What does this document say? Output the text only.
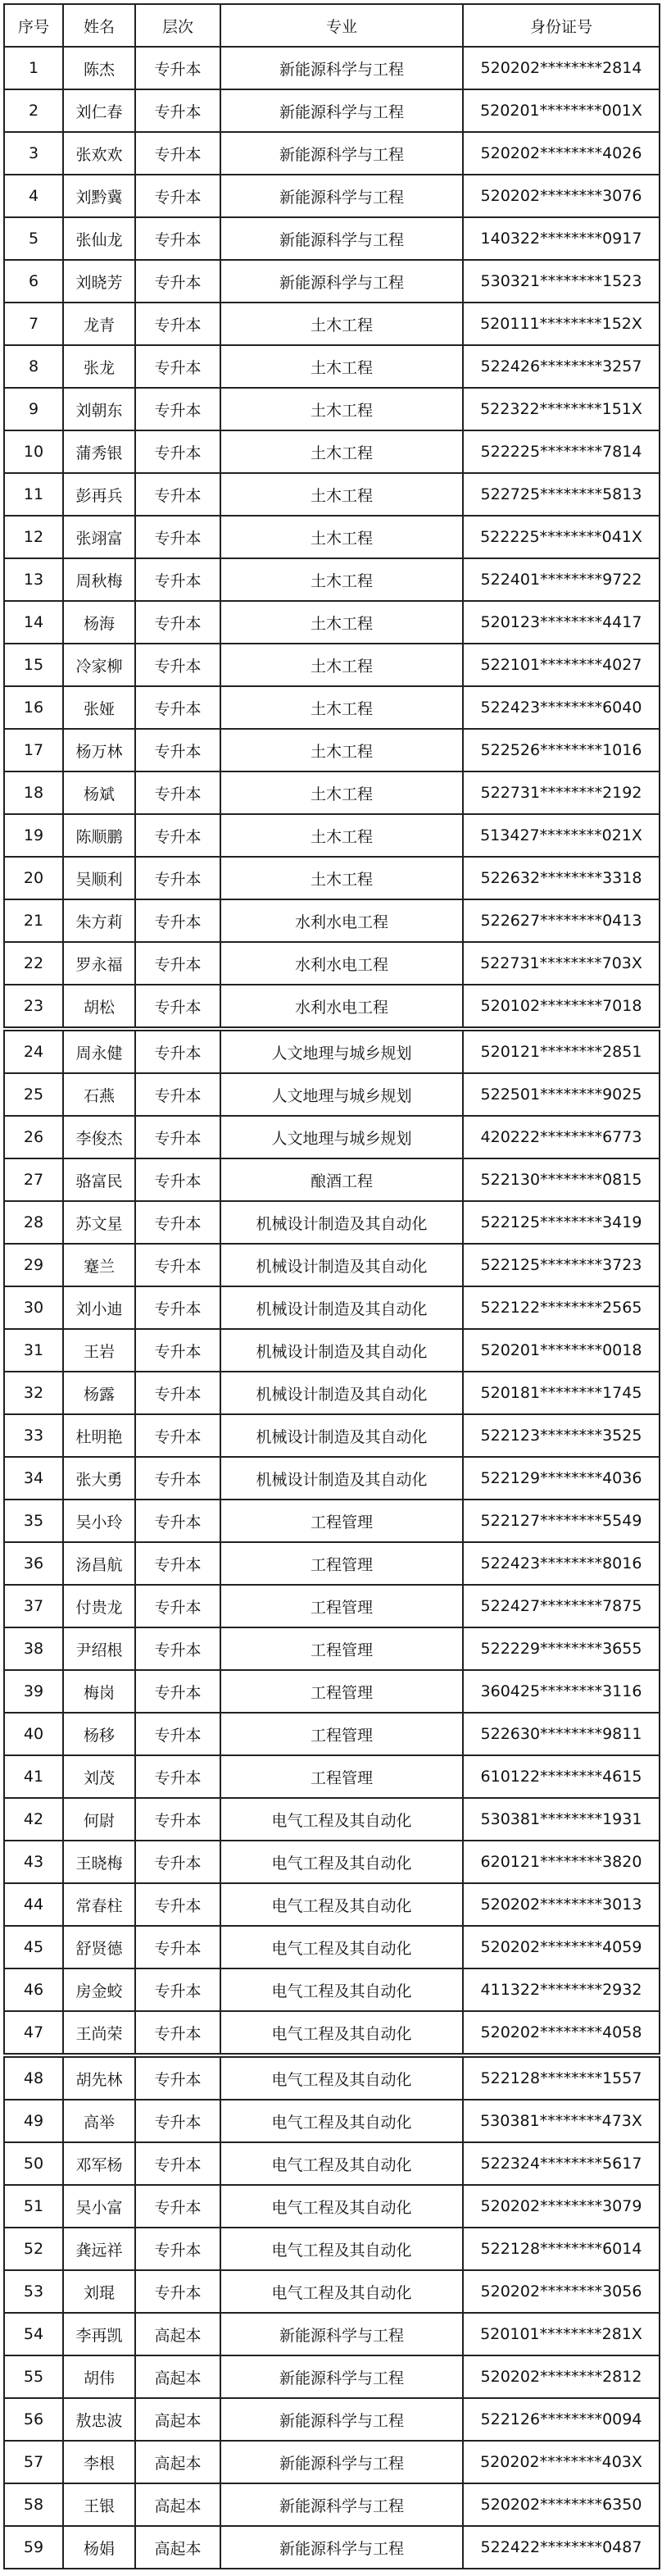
序号	姓名	层次	专业	身份证号
1	陈杰	专升本	新能源科学与工程	520202********2814
2	刘仁春	专升本	新能源科学与工程	520201********001X
3	张欢欢	专升本	新能源科学与工程	520202********4026
4	刘黔冀	专升本	新能源科学与工程	520202********3076
5	张仙龙	专升本	新能源科学与工程	140322********0917
6	刘晓芳	专升本	新能源科学与工程	530321********1523
7	龙青	专升本	土木工程	520111********152X
8	张龙	专升本	土木工程	522426********3257
9	刘朝东	专升本	土木工程	522322********151X
10	蒲秀银	专升本	土木工程	522225********7814
11	彭再兵	专升本	土木工程	522725********5813
12	张翊富	专升本	土木工程	522225********041X
13	周秋梅	专升本	土木工程	522401********9722
14	杨海	专升本	土木工程	520123********4417
15	冷家柳	专升本	土木工程	522101********4027
16	张娅	专升本	土木工程	522423********6040
17	杨万林	专升本	土木工程	522526********1016
18	杨斌	专升本	土木工程	522731********2192
19	陈顺鹏	专升本	土木工程	513427********021X
20	吴顺利	专升本	土木工程	522632********3318
21	朱方莉	专升本	水利水电工程	522627********0413
22	罗永福	专升本	水利水电工程	522731********703X
23	胡松	专升本	水利水电工程	520102********7018
24	周永健	专升本	人文地理与城乡规划	520121********2851
25	石燕	专升本	人文地理与城乡规划	522501********9025
26	李俊杰	专升本	人文地理与城乡规划	420222********6773
27	骆富民	专升本	酿酒工程	522130********0815
28	苏文星	专升本	机械设计制造及其自动化	522125********3419
29	蹇兰	专升本	机械设计制造及其自动化	522125********3723
30	刘小迪	专升本	机械设计制造及其自动化	522122********2565
31	王岩	专升本	机械设计制造及其自动化	520201********0018
32	杨露	专升本	机械设计制造及其自动化	520181********1745
33	杜明艳	专升本	机械设计制造及其自动化	522123********3525
34	张大勇	专升本	机械设计制造及其自动化	522129********4036
35	吴小玲	专升本	工程管理	522127********5549
36	汤昌航	专升本	工程管理	522423********8016
37	付贵龙	专升本	工程管理	522427********7875
38	尹绍根	专升本	工程管理	522229********3655
39	梅岗	专升本	工程管理	360425********3116
40	杨移	专升本	工程管理	522630********9811
41	刘茂	专升本	工程管理	610122********4615
42	何尉	专升本	电气工程及其自动化	530381********1931
43	王晓梅	专升本	电气工程及其自动化	620121********3820
44	常春柱	专升本	电气工程及其自动化	520202********3013
45	舒贤德	专升本	电气工程及其自动化	520202********4059
46	房金蛟	专升本	电气工程及其自动化	411322********2932
47	王尚荣	专升本	电气工程及其自动化	520202********4058
48	胡先林	专升本	电气工程及其自动化	522128********1557
49	高举	专升本	电气工程及其自动化	530381********473X
50	邓军杨	专升本	电气工程及其自动化	522324********5617
51	吴小富	专升本	电气工程及其自动化	520202********3079
52	龚远祥	专升本	电气工程及其自动化	522128********6014
53	刘琨	专升本	电气工程及其自动化	520202********3056
54	李再凯	高起本	新能源科学与工程	520101********281X
55	胡伟	高起本	新能源科学与工程	520202********2812
56	敖忠波	高起本	新能源科学与工程	522126********0094
57	李根	高起本	新能源科学与工程	520202********403X
58	王银	高起本	新能源科学与工程	520202********6350
59	杨娟	高起本	新能源科学与工程	522422********0487
